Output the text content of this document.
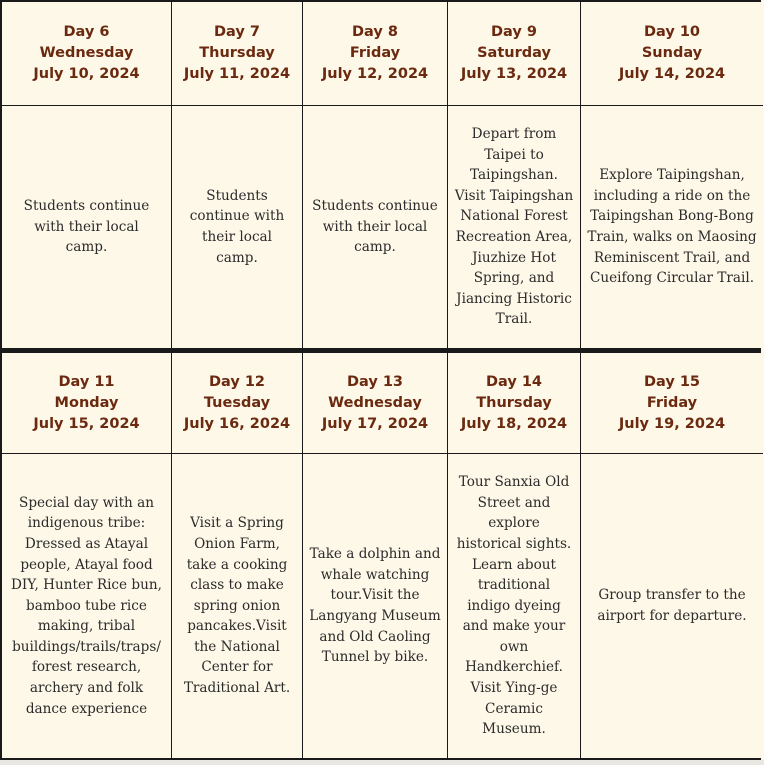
Day 6
Wednesday
July 10, 2024
Day 7
Thursday
July 11, 2024
Day 8
Friday
July 12, 2024
Day 9
Saturday
July 13, 2024
Day 10
Sunday
July 14, 2024
Students continue with their local camp.
Students continue with their local camp.
Students continue with their local camp.
Depart from Taipei to Taipingshan. Visit Taipingshan National Forest Recreation Area, Jiuzhize Hot Spring, and Jiancing Historic Trail.
Explore Taipingshan, including a ride on the Taipingshan Bong-Bong Train, walks on Maosing Reminiscent Trail, and Cueifong Circular Trail.
Day 11
Monday
July 15, 2024
Day 12
Tuesday
July 16, 2024
Day 13
Wednesday
July 17, 2024
Day 14
Thursday
July 18, 2024
Day 15
Friday
July 19, 2024
Special day with an indigenous tribe: Dressed as Atayal people, Atayal food DIY, Hunter Rice bun, bamboo tube rice making, tribal buildings/trails/traps/ forest research, archery and folk dance experience
Visit a Spring Onion Farm, take a cooking class to make spring onion pancakes.Visit the National Center for Traditional Art.
Take a dolphin and whale watching tour.Visit the Langyang Museum and Old Caoling Tunnel by bike.
Tour Sanxia Old Street and explore historical sights. Learn about traditional indigo dyeing and make your own Handkerchief. Visit Ying-ge Ceramic Museum.
Group transfer to the airport for departure.
